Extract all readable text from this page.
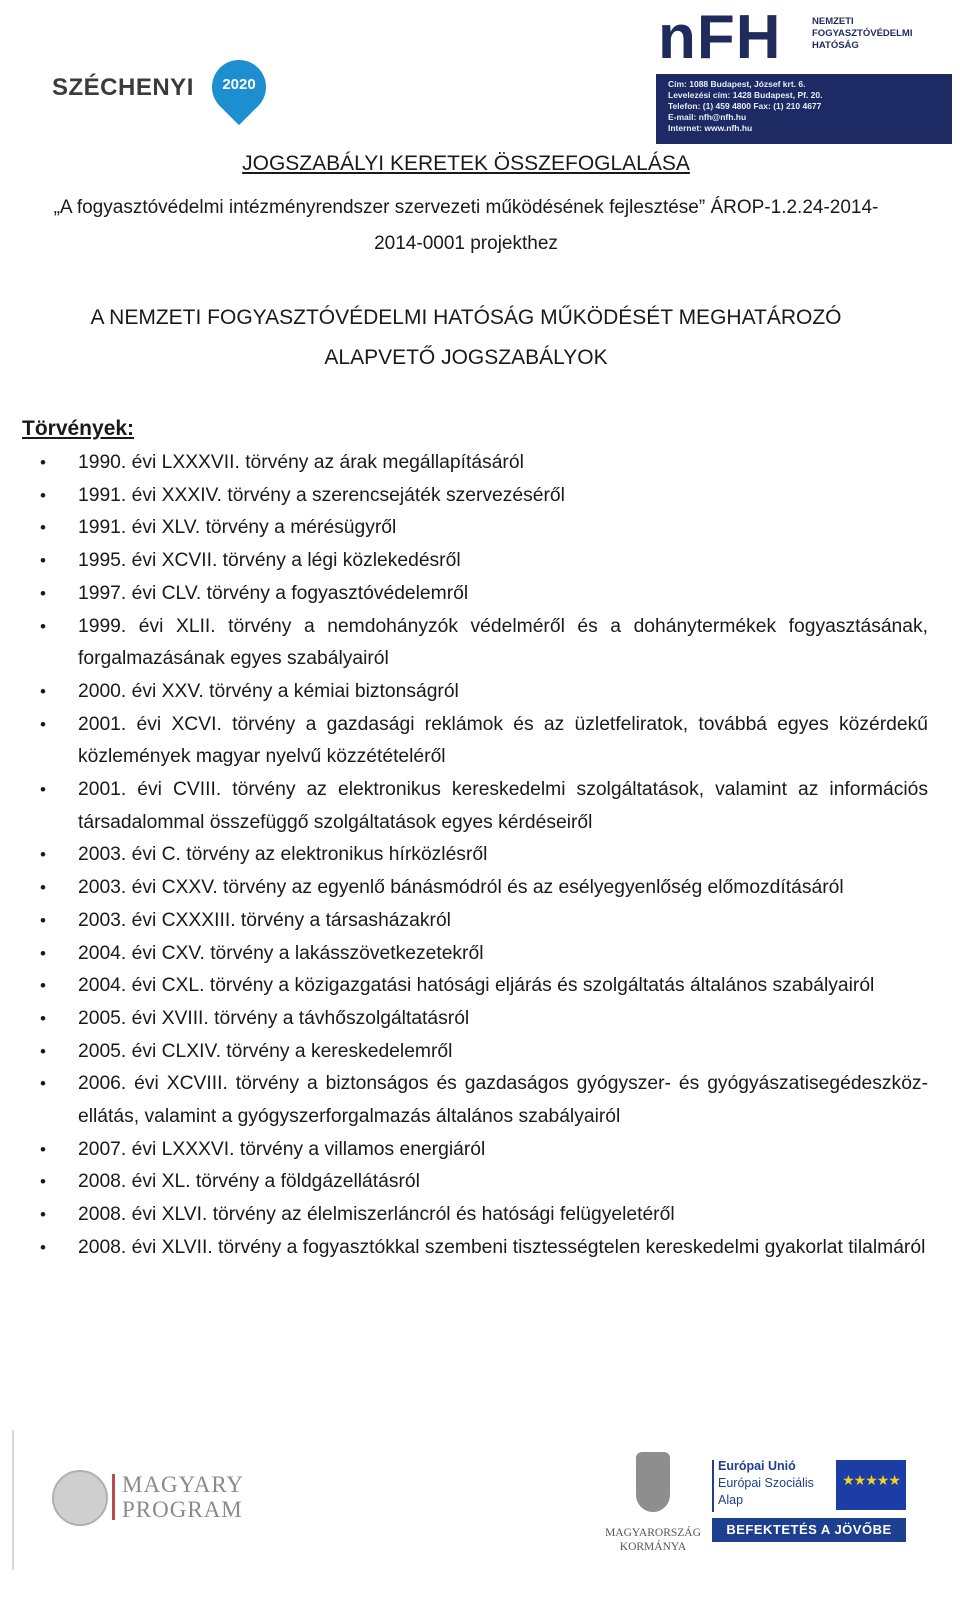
SZÉCHENYI	2020
nFH	NEMZETI
FOGYASZTÓVÉDELMI
HATÓSÁG
Cím: 1088 Budapest, József krt. 6.
Levelezési cím: 1428 Budapest, Pf. 20.
Telefon: (1) 459 4800 Fax: (1) 210 4677
E-mail: nfh@nfh.hu
Internet: www.nfh.hu
JOGSZABÁLYI KERETEK ÖSSZEFOGLALÁSA
„A fogyasztóvédelmi intézményrendszer szervezeti működésének fejlesztése” ÁROP-1.2.24-2014-
2014-0001 projekthez
A NEMZETI FOGYASZTÓVÉDELMI HATÓSÁG MŰKÖDÉSÉT MEGHATÁROZÓ
ALAPVETŐ JOGSZABÁLYOK
Törvények:
• 1990. évi LXXXVII. törvény az árak megállapításáról
• 1991. évi XXXIV. törvény a szerencsejáték szervezéséről
• 1991. évi XLV. törvény a mérésügyről
• 1995. évi XCVII. törvény a légi közlekedésről
• 1997. évi CLV. törvény a fogyasztóvédelemről
• 1999. évi XLII. törvény a nemdohányzók védelméről és a dohánytermékek fogyasztásának, forgalmazásának egyes szabályairól
• 2000. évi XXV. törvény a kémiai biztonságról
• 2001. évi XCVI. törvény a gazdasági reklámok és az üzletfeliratok, továbbá egyes közérdekű közlemények magyar nyelvű közzétételéről
• 2001. évi CVIII. törvény az elektronikus kereskedelmi szolgáltatások, valamint az információs társadalommal összefüggő szolgáltatások egyes kérdéseiről
• 2003. évi C. törvény az elektronikus hírközlésről
• 2003. évi CXXV. törvény az egyenlő bánásmódról és az esélyegyenlőség előmozdításáról
• 2003. évi CXXXIII. törvény a társasházakról
• 2004. évi CXV. törvény a lakásszövetkezetekről
• 2004. évi CXL. törvény a közigazgatási hatósági eljárás és szolgáltatás általános szabályairól
• 2005. évi XVIII. törvény a távhőszolgáltatásról
• 2005. évi CLXIV. törvény a kereskedelemről
• 2006. évi XCVIII. törvény a biztonságos és gazdaságos gyógyszer- és gyógyászatisegédeszköz-ellátás, valamint a gyógyszerforgalmazás általános szabályairól
• 2007. évi LXXXVI. törvény a villamos energiáról
• 2008. évi XL. törvény a földgázellátásról
• 2008. évi XLVI. törvény az élelmiszerláncról és hatósági felügyeletéről
• 2008. évi XLVII. törvény a fogyasztókkal szembeni tisztességtelen kereskedelmi gyakorlat tilalmáról
MAGYARY
PROGRAM
MAGYARORSZÁG
KORMÁNYA
Európai Unió
Európai Szociális
Alap
★★★★★
BEFEKTETÉS A JÖVŐBE
